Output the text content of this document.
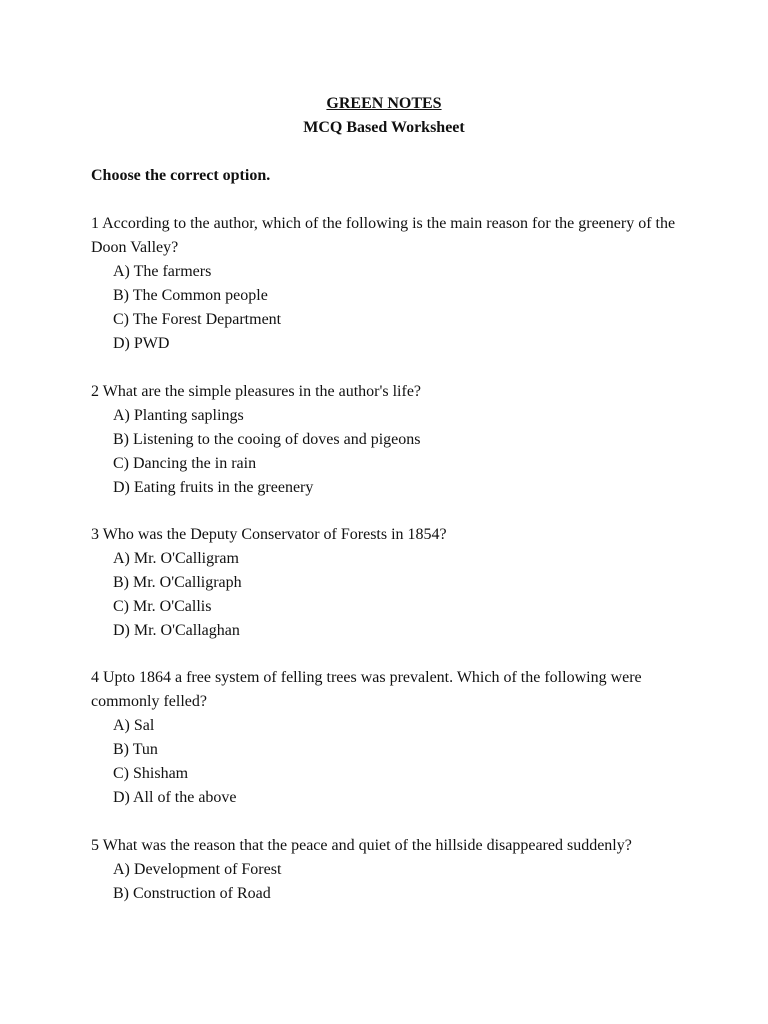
GREEN NOTES
MCQ Based Worksheet
Choose the correct option.

1 According to the author, which of the following is the main reason for the greenery of the Doon Valley?

A) The farmers
B) The Common people
C) The Forest Department
D) PWD

2 What are the simple pleasures in the author's life?

A) Planting saplings
B) Listening to the cooing of doves and pigeons
C) Dancing the in rain
D) Eating fruits in the greenery

3 Who was the Deputy Conservator of Forests in 1854?

A) Mr. O'Calligram
B) Mr. O'Calligraph
C) Mr. O'Callis
D) Mr. O'Callaghan

4 Upto 1864 a free system of felling trees was prevalent. Which of the following were commonly felled?

A) Sal
B) Tun
C) Shisham
D) All of the above

5 What was the reason that the peace and quiet of the hillside disappeared suddenly?

A) Development of Forest
B) Construction of Road
